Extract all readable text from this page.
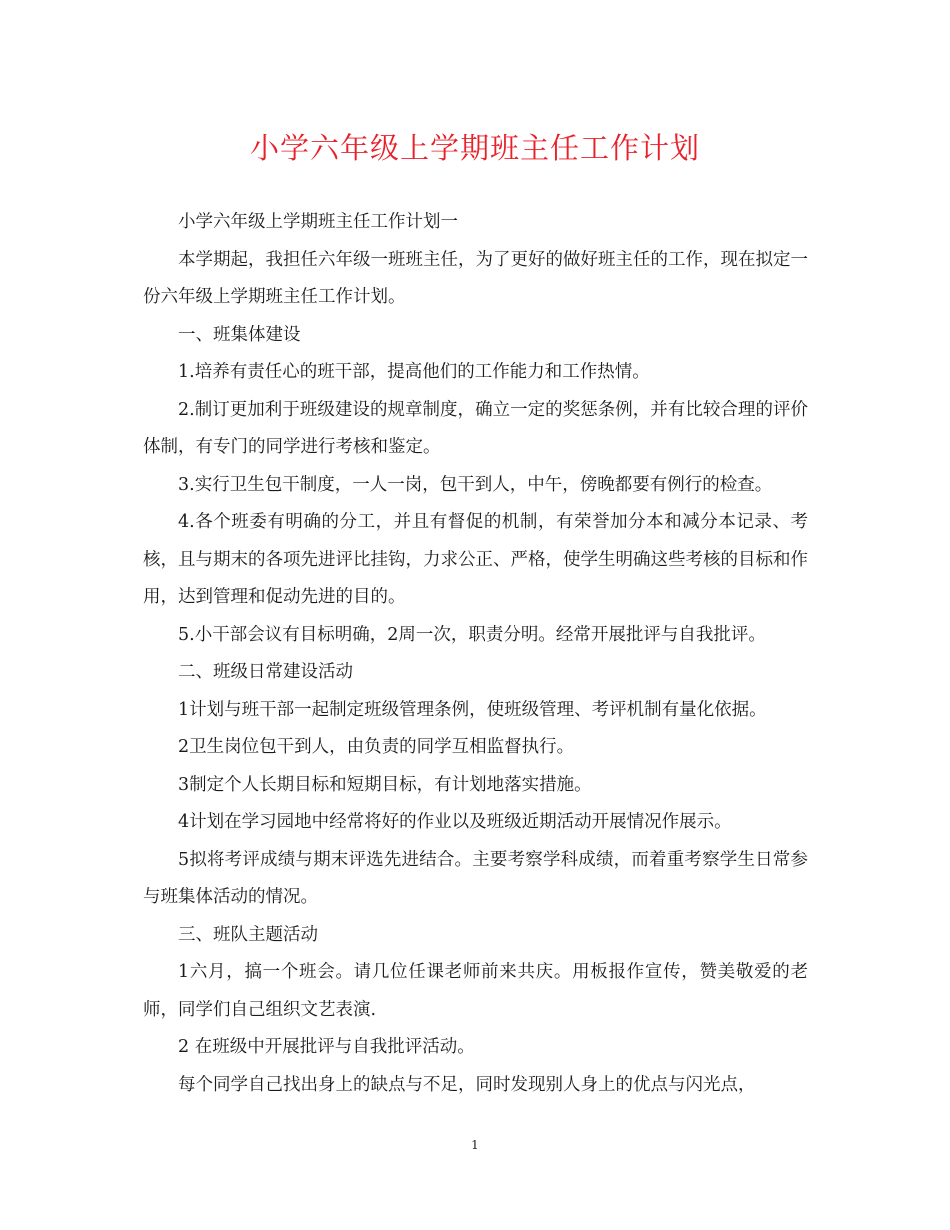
小学六年级上学期班主任工作计划

小学六年级上学期班主任工作计划一

本学期起，我担任六年级一班班主任，为了更好的做好班主任的工作，现在拟定一份六年级上学期班主任工作计划。

一、班集体建设

1.培养有责任心的班干部，提高他们的工作能力和工作热情。

2.制订更加利于班级建设的规章制度，确立一定的奖惩条例，并有比较合理的评价体制，有专门的同学进行考核和鉴定。

3.实行卫生包干制度，一人一岗，包干到人，中午，傍晚都要有例行的检查。

4.各个班委有明确的分工，并且有督促的机制，有荣誉加分本和减分本记录、考核，且与期末的各项先进评比挂钩，力求公正、严格，使学生明确这些考核的目标和作用，达到管理和促动先进的目的。

5.小干部会议有目标明确，2周一次，职责分明。经常开展批评与自我批评。

二、班级日常建设活动

1计划与班干部一起制定班级管理条例，使班级管理、考评机制有量化依据。

2卫生岗位包干到人，由负责的同学互相监督执行。

3制定个人长期目标和短期目标，有计划地落实措施。

4计划在学习园地中经常将好的作业以及班级近期活动开展情况作展示。

5拟将考评成绩与期末评选先进结合。主要考察学科成绩，而着重考察学生日常参与班集体活动的情况。

三、班队主题活动

1六月，搞一个班会。请几位任课老师前来共庆。用板报作宣传，赞美敬爱的老师，同学们自己组织文艺表演.

2 在班级中开展批评与自我批评活动。

每个同学自己找出身上的缺点与不足，同时发现别人身上的优点与闪光点，

1
